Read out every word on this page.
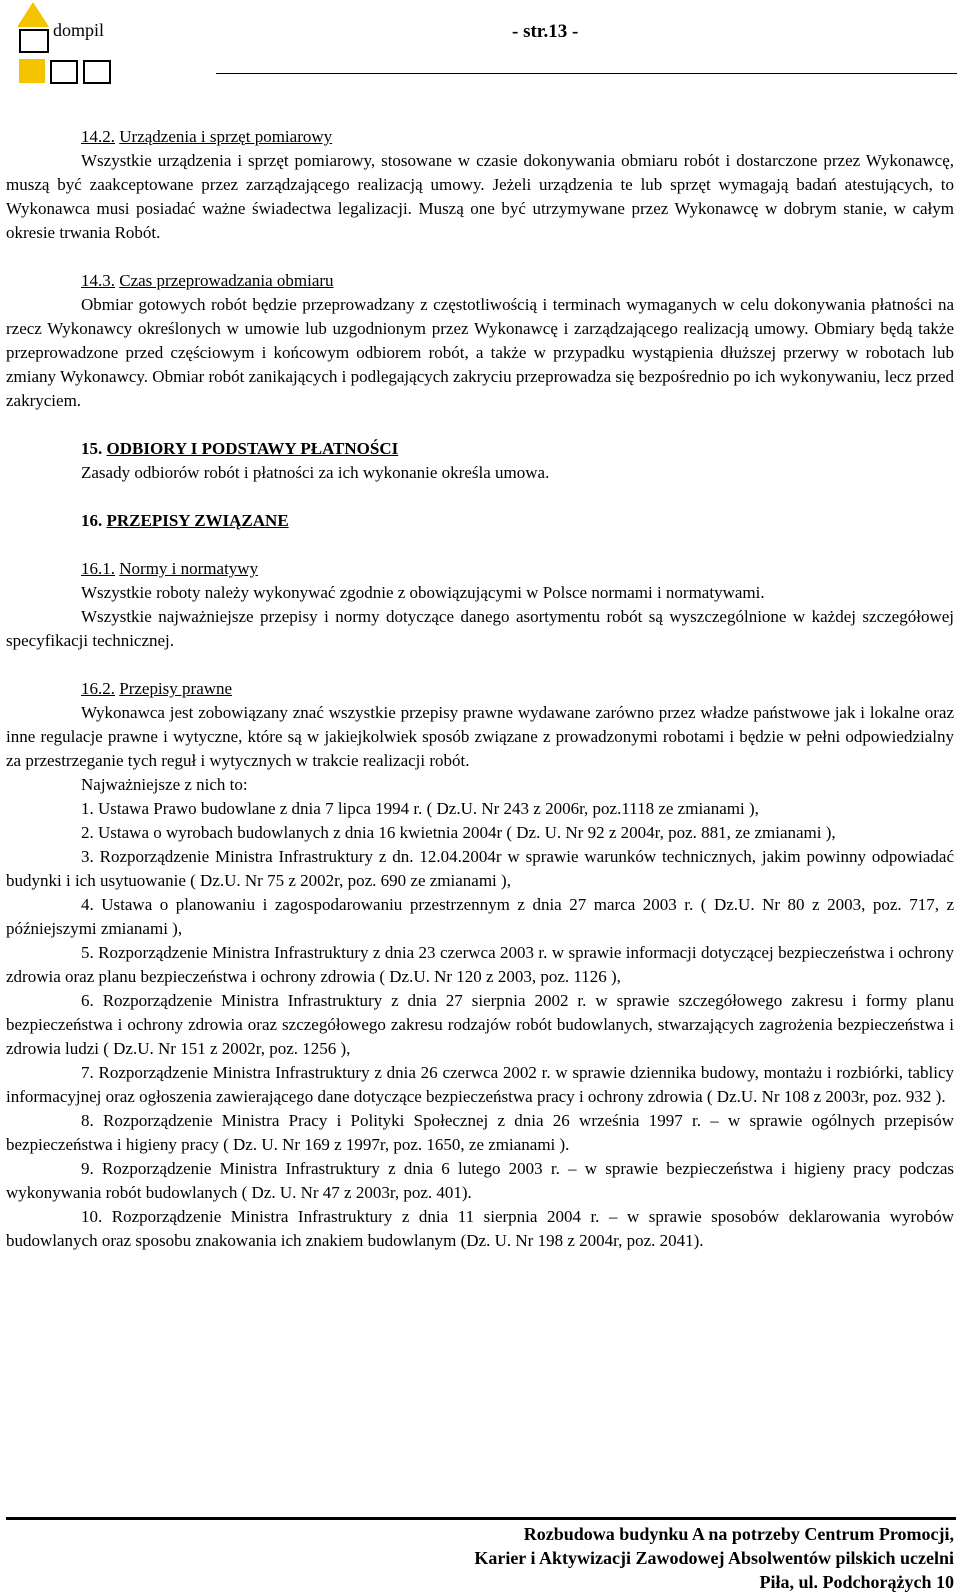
dompil	- str.13 -

14.2. Urządzenia i sprzęt pomiarowy

Wszystkie urządzenia i sprzęt pomiarowy, stosowane w czasie dokonywania obmiaru robót i dostarczone przez Wykonawcę, muszą być zaakceptowane przez zarządzającego realizacją umowy. Jeżeli urządzenia te lub sprzęt wymagają badań atestujących, to Wykonawca musi posiadać ważne świadectwa legalizacji. Muszą one być utrzymywane przez Wykonawcę w dobrym stanie, w całym okresie trwania Robót.

14.3. Czas przeprowadzania obmiaru

Obmiar gotowych robót będzie przeprowadzany z częstotliwością i terminach wymaganych w celu dokonywania płatności na rzecz Wykonawcy określonych w umowie lub uzgodnionym przez Wykonawcę i zarządzającego realizacją umowy. Obmiary będą także przeprowadzone przed częściowym i końcowym odbiorem robót, a także w przypadku wystąpienia dłuższej przerwy w robotach lub zmiany Wykonawcy. Obmiar robót zanikających i podlegających zakryciu przeprowadza się bezpośrednio po ich wykonywaniu, lecz przed zakryciem.

15. ODBIORY I PODSTAWY PŁATNOŚCI

Zasady odbiorów robót i płatności za ich wykonanie określa umowa.

16. PRZEPISY ZWIĄZANE

16.1. Normy i normatywy

Wszystkie roboty należy wykonywać zgodnie z obowiązującymi w Polsce normami i normatywami.

Wszystkie najważniejsze przepisy i normy dotyczące danego asortymentu robót są wyszczególnione w każdej szczegółowej specyfikacji technicznej.

16.2. Przepisy prawne

Wykonawca jest zobowiązany znać wszystkie przepisy prawne wydawane zarówno przez władze państwowe jak i lokalne oraz inne regulacje prawne i wytyczne, które są w jakiejkolwiek sposób związane z prowadzonymi robotami i będzie w pełni odpowiedzialny za przestrzeganie tych reguł i wytycznych w trakcie realizacji robót.

Najważniejsze z nich to:

1. Ustawa Prawo budowlane z dnia 7 lipca 1994 r. ( Dz.U. Nr 243 z 2006r, poz.1118 ze zmianami ),
2. Ustawa o wyrobach budowlanych z dnia 16 kwietnia 2004r ( Dz. U. Nr 92 z 2004r, poz. 881, ze zmianami ),
3. Rozporządzenie Ministra Infrastruktury z dn. 12.04.2004r w sprawie warunków technicznych, jakim powinny odpowiadać budynki i ich usytuowanie ( Dz.U. Nr 75 z 2002r, poz. 690 ze zmianami ),
4. Ustawa o planowaniu i zagospodarowaniu przestrzennym z dnia 27 marca 2003 r. ( Dz.U. Nr 80 z 2003, poz. 717, z późniejszymi zmianami ),
5. Rozporządzenie Ministra Infrastruktury z dnia 23 czerwca 2003 r. w sprawie informacji dotyczącej bezpieczeństwa i ochrony zdrowia oraz planu bezpieczeństwa i ochrony zdrowia ( Dz.U. Nr 120 z 2003, poz. 1126 ),
6. Rozporządzenie Ministra Infrastruktury z dnia 27 sierpnia 2002 r. w sprawie szczegółowego zakresu i formy planu bezpieczeństwa i ochrony zdrowia oraz szczegółowego zakresu rodzajów robót budowlanych, stwarzających zagrożenia bezpieczeństwa i zdrowia ludzi ( Dz.U. Nr 151 z 2002r, poz. 1256 ),
7. Rozporządzenie Ministra Infrastruktury z dnia 26 czerwca 2002 r. w sprawie dziennika budowy, montażu i rozbiórki, tablicy informacyjnej oraz ogłoszenia zawierającego dane dotyczące bezpieczeństwa pracy i ochrony zdrowia ( Dz.U. Nr 108 z 2003r, poz. 932 ).
8. Rozporządzenie Ministra Pracy i Polityki Społecznej z dnia 26 września 1997 r. – w sprawie ogólnych przepisów bezpieczeństwa i higieny pracy ( Dz. U. Nr 169 z 1997r, poz. 1650, ze zmianami ).
9. Rozporządzenie Ministra Infrastruktury z dnia 6 lutego 2003 r. – w sprawie bezpieczeństwa i higieny pracy podczas wykonywania robót budowlanych ( Dz. U. Nr 47 z 2003r, poz. 401).
10. Rozporządzenie Ministra Infrastruktury z dnia 11 sierpnia 2004 r. – w sprawie sposobów deklarowania wyrobów budowlanych oraz sposobu znakowania ich znakiem budowlanym (Dz. U. Nr 198 z 2004r, poz. 2041).
Rozbudowa budynku A na potrzeby Centrum Promocji,
Karier i Aktywizacji Zawodowej Absolwentów pilskich uczelni
Piła, ul. Podchorążych 10
